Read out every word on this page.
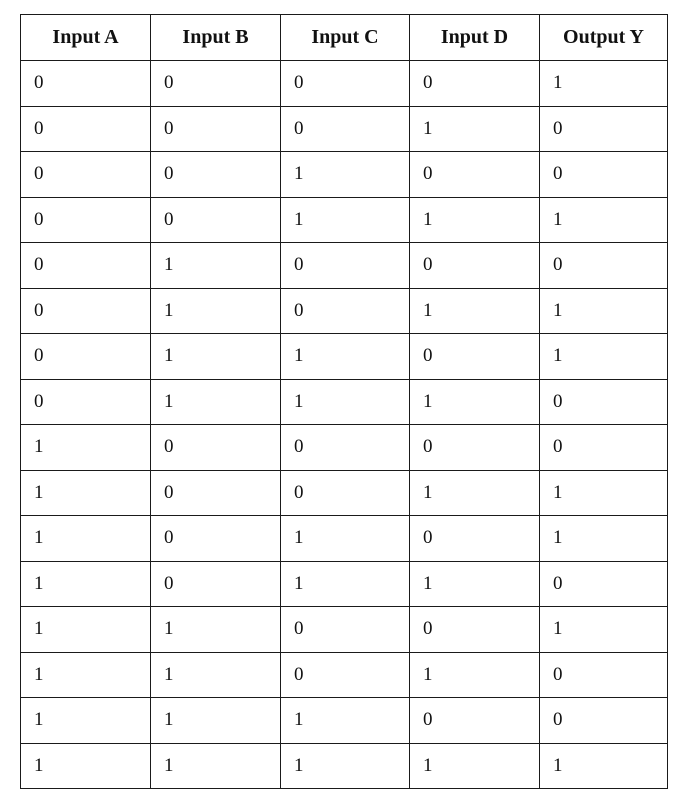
Input A	Input B	Input C	Input D	Output Y
0	0	0	0	1
0	0	0	1	0
0	0	1	0	0
0	0	1	1	1
0	1	0	0	0
0	1	0	1	1
0	1	1	0	1
0	1	1	1	0
1	0	0	0	0
1	0	0	1	1
1	0	1	0	1
1	0	1	1	0
1	1	0	0	1
1	1	0	1	0
1	1	1	0	0
1	1	1	1	1
